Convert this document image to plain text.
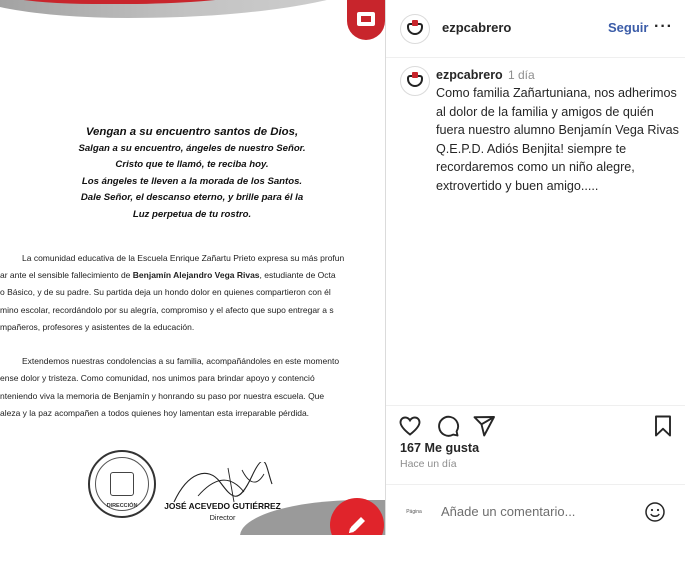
Vengan a su encuentro santos de Dios,
Salgan a su encuentro, ángeles de nuestro Señor.
Cristo que te llamó, te reciba hoy.
Los ángeles te lleven a la morada de los Santos.
Dale Señor, el descanso eterno, y brille para él la
Luz perpetua de tu rostro.
La comunidad educativa de la Escuela Enrique Zañartu Prieto expresa su más profun
ar ante el sensible fallecimiento de Benjamín Alejandro Vega Rivas, estudiante de Octa
o Básico, y de su padre. Su partida deja un hondo dolor en quienes compartieron con él
mino escolar, recordándolo por su alegría, compromiso y el afecto que supo entregar a s
mpañeros, profesores y asistentes de la educación.
Extendemos nuestras condolencias a su familia, acompañándoles en este momento
ense dolor y tristeza. Como comunidad, nos unimos para brindar apoyo y contenció
nteniendo viva la memoria de Benjamín y honrando su paso por nuestra escuela. Que
aleza y la paz acompañen a todos quienes hoy lamentan esta irreparable pérdida.
DIRECCIÓN	JOSÉ ACEVEDO GUTIÉRREZ
Director
ezpcabrero	Seguir ···
ezpcabrero 1 día
Como familia Zañartuniana, nos adherimos al dolor de la familia y amigos de quién fuera nuestro alumno Benjamín Vega Rivas Q.E.P.D. Adiós Benjita! siempre te recordaremos como un niño alegre, extrovertido y buen amigo.....
167 Me gusta
Hace un día
Página
Añade un comentario...
